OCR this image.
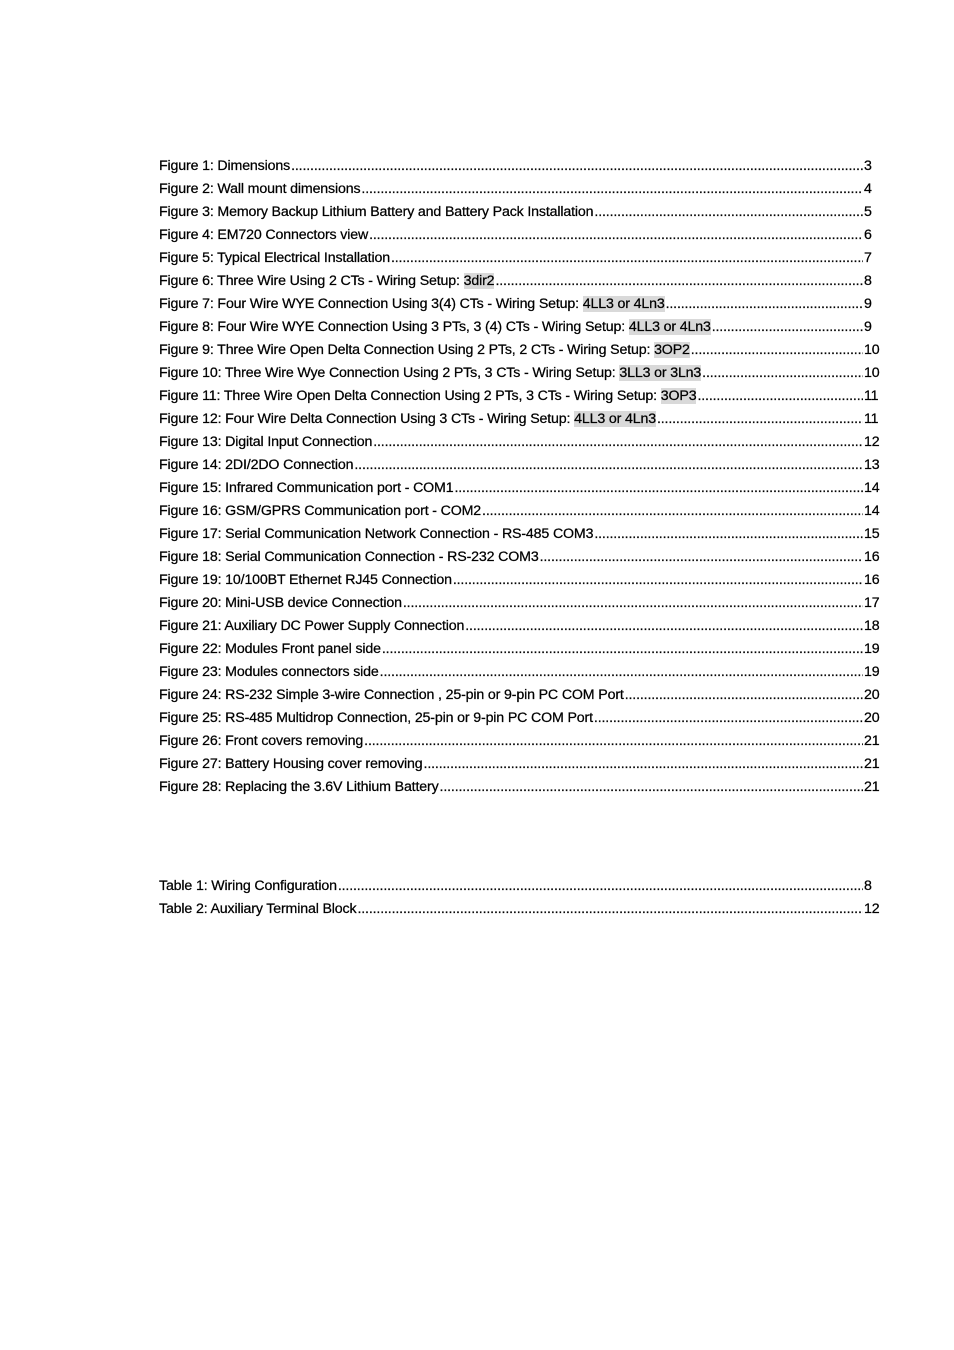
Figure 1: Dimensions .....	3
Figure 2: Wall mount dimensions .....	4
Figure 3: Memory Backup Lithium Battery and Battery Pack Installation .....	5
Figure 4: EM720 Connectors view .....	6
Figure 5: Typical Electrical Installation .....	7
Figure 6: Three Wire Using 2 CTs - Wiring Setup: 3dir2 .....	8
Figure 7: Four Wire WYE Connection Using 3(4) CTs - Wiring Setup: 4LL3 or 4Ln3 .....	9
Figure 8: Four Wire WYE Connection Using 3 PTs, 3 (4) CTs - Wiring Setup: 4LL3 or 4Ln3 .....	9
Figure 9: Three Wire Open Delta Connection Using 2 PTs, 2 CTs - Wiring Setup: 3OP2 .....	10
Figure 10: Three Wire Wye Connection Using 2 PTs, 3 CTs - Wiring Setup: 3LL3 or 3Ln3 .....	10
Figure 11: Three Wire Open Delta Connection Using 2 PTs, 3 CTs - Wiring Setup: 3OP3 .....	11
Figure 12: Four Wire Delta Connection Using 3 CTs - Wiring Setup: 4LL3 or 4Ln3 .....	11
Figure 13: Digital Input Connection .....	12
Figure 14: 2DI/2DO Connection .....	13
Figure 15: Infrared Communication port - COM1 .....	14
Figure 16: GSM/GPRS Communication port - COM2 .....	14
Figure 17: Serial Communication Network Connection - RS-485 COM3 .....	15
Figure 18: Serial Communication Connection - RS-232 COM3 .....	16
Figure 19: 10/100BT Ethernet RJ45 Connection .....	16
Figure 20: Mini-USB device Connection .....	17
Figure 21: Auxiliary DC Power Supply Connection .....	18
Figure 22: Modules Front panel side .....	19
Figure 23: Modules connectors side .....	19
Figure 24: RS-232 Simple 3-wire Connection , 25-pin or 9-pin PC COM Port .....	20
Figure 25: RS-485 Multidrop Connection, 25-pin or 9-pin PC COM Port .....	20
Figure 26: Front covers removing .....	21
Figure 27: Battery Housing cover removing .....	21
Figure 28: Replacing the 3.6V Lithium Battery .....	21
Table 1: Wiring Configuration .....	8
Table 2: Auxiliary Terminal Block .....	12
